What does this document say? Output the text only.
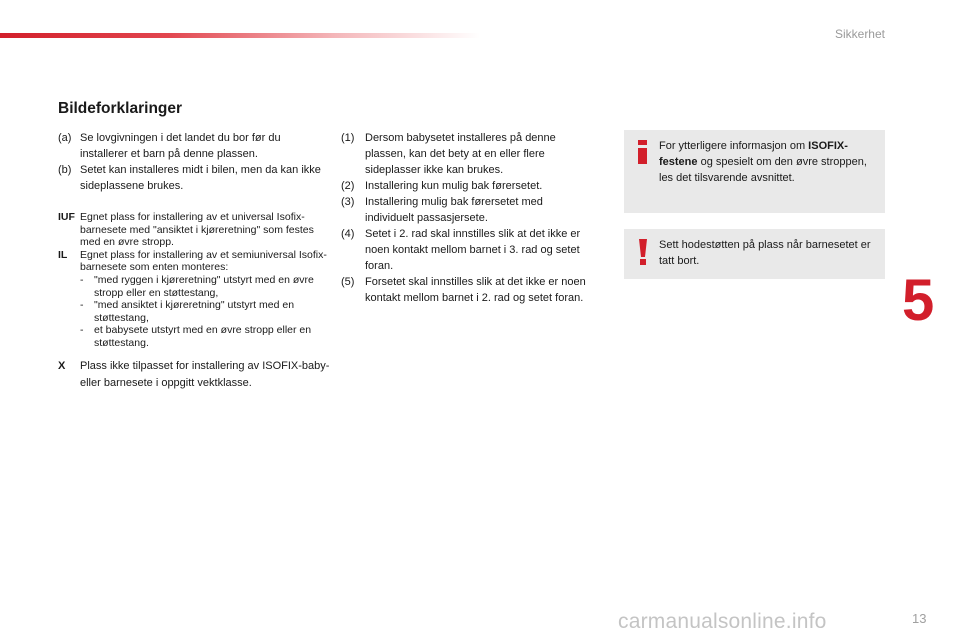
Sikkerhet
Bildeforklaringer
(a) Se lovgivningen i det landet du bor før du installerer et barn på denne plassen.
(b) Setet kan installeres midt i bilen, men da kan ikke sideplassene brukes.
IUF Egnet plass for installering av et universal Isofix-barnesete med "ansiktet i kjøreretning" som festes med en øvre stropp.
IL	Egnet plass for installering av et semiuniversal Isofix-barnesete som enten monteres:
-	"med ryggen i kjøreretning" utstyrt med en øvre stropp eller en støttestang,
-	"med ansiktet i kjøreretning" utstyrt med en støttestang,
-	et babysete utstyrt med en øvre stropp eller en støttestang.
X	Plass ikke tilpasset for installering av ISOFIX-baby- eller barnesete i oppgitt vektklasse.
(1) Dersom babysetet installeres på denne plassen, kan det bety at en eller flere sideplasser ikke kan brukes.
(2) Installering kun mulig bak førersetet.
(3) Installering mulig bak førersetet med individuelt passasjersete.
(4) Setet i 2. rad skal innstilles slik at det ikke er noen kontakt mellom barnet i 3. rad og setet foran.
(5) Forsetet skal innstilles slik at det ikke er noen kontakt mellom barnet i 2. rad og setet foran.
For ytterligere informasjon om ISOFIX-festene og spesielt om den øvre stroppen, les det tilsvarende avsnittet.
Sett hodestøtten på plass når barnesetet er tatt bort.
5
carmanualsonline.info	13
